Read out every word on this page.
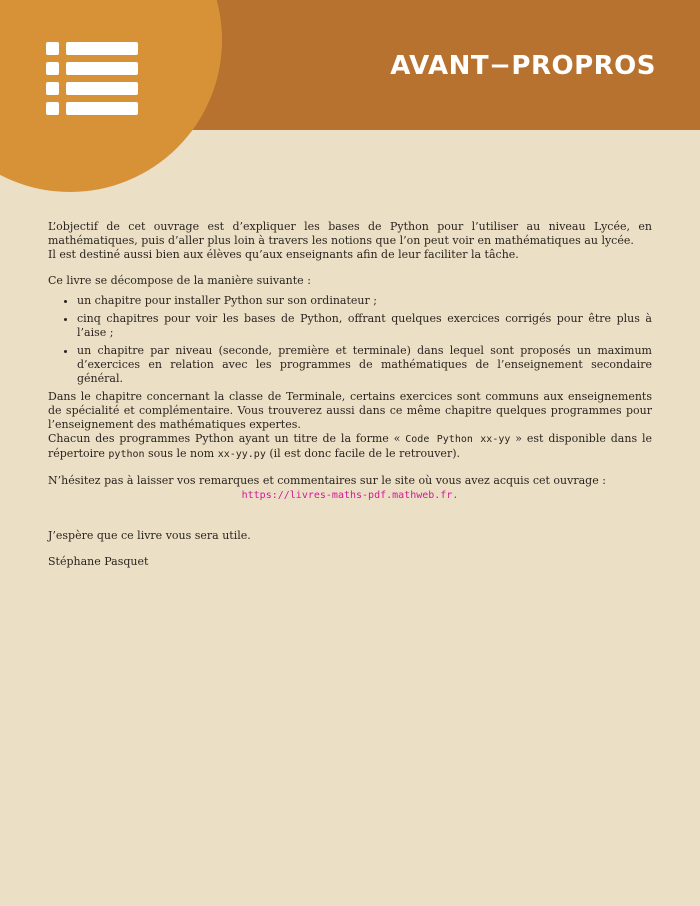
AVANT−PROPROS

L’objectif de cet ouvrage est d’expliquer les bases de Python pour l’utiliser au niveau Lycée, en mathématiques, puis d’aller plus loin à travers les notions que l’on peut voir en mathématiques au lycée.
Il est destiné aussi bien aux élèves qu’aux enseignants afin de leur faciliter la tâche.

Ce livre se décompose de la manière suivante :

• un chapitre pour installer Python sur son ordinateur ;
• cinq chapitres pour voir les bases de Python, offrant quelques exercices corrigés pour être plus à l’aise ;
• un chapitre par niveau (seconde, première et terminale) dans lequel sont proposés un maximum d’exercices en relation avec les programmes de mathématiques de l’enseignement secondaire général.

Dans le chapitre concernant la classe de Terminale, certains exercices sont communs aux enseignements de spécialité et complémentaire. Vous trouverez aussi dans ce même chapitre quelques programmes pour l’enseignement des mathématiques expertes.
Chacun des programmes Python ayant un titre de la forme « Code Python xx-yy » est disponible dans le répertoire python sous le nom xx-yy.py (il est donc facile de le retrouver).

N’hésitez pas à laisser vos remarques et commentaires sur le site où vous avez acquis cet ouvrage :

https://livres-maths-pdf.mathweb.fr.

J’espère que ce livre vous sera utile.

Stéphane Pasquet
